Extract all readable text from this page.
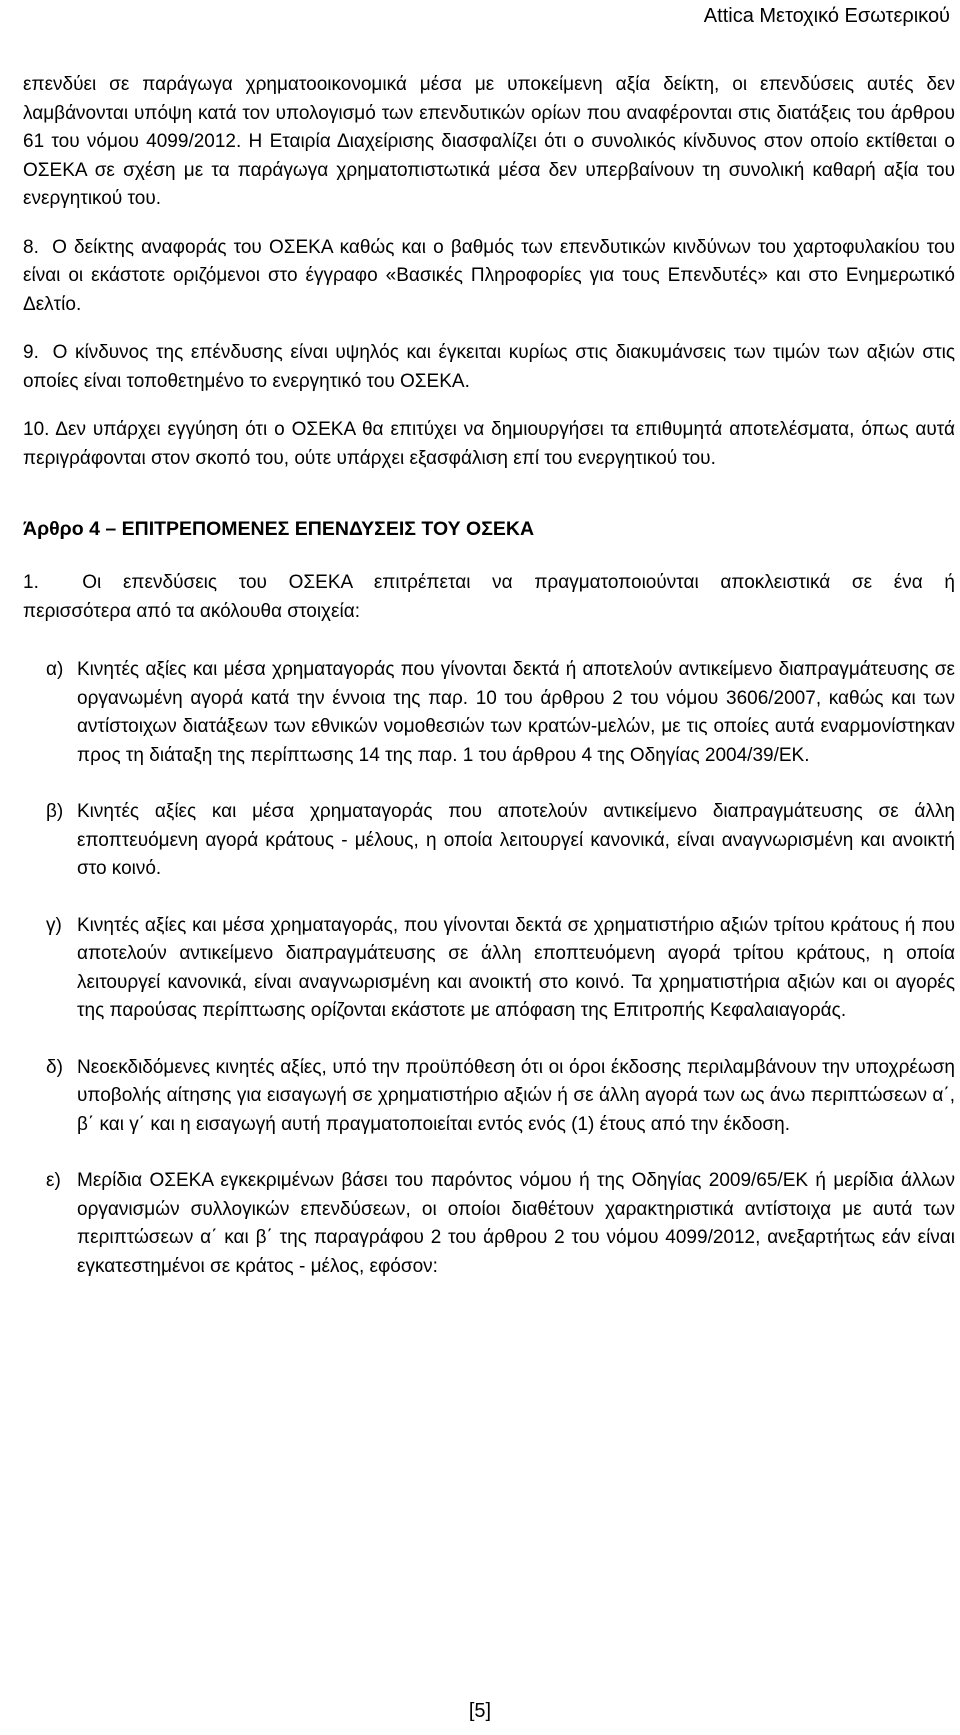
Attica Μετοχικό Εσωτερικού

επενδύει σε παράγωγα χρηματοοικονομικά μέσα με υποκείμενη αξία δείκτη, οι επενδύσεις αυτές δεν λαμβάνονται υπόψη κατά τον υπολογισμό των επενδυτικών ορίων που αναφέρονται στις διατάξεις του άρθρου 61 του νόμου 4099/2012. Η Εταιρία Διαχείρισης διασφαλίζει ότι ο συνολικός κίνδυνος στον οποίο εκτίθεται ο ΟΣΕΚΑ σε σχέση με τα παράγωγα χρηματοπιστωτικά μέσα δεν υπερβαίνουν τη συνολική καθαρή αξία του ενεργητικού του.

8. Ο δείκτης αναφοράς του ΟΣΕΚΑ καθώς και ο βαθμός των επενδυτικών κινδύνων του χαρτοφυλακίου του είναι οι εκάστοτε οριζόμενοι στο έγγραφο «Βασικές Πληροφορίες για τους Επενδυτές» και στο Ενημερωτικό Δελτίο.

9. Ο κίνδυνος της επένδυσης είναι υψηλός και έγκειται κυρίως στις διακυμάνσεις των τιμών των αξιών στις οποίες είναι τοποθετημένο το ενεργητικό του ΟΣΕΚΑ.

10. Δεν υπάρχει εγγύηση ότι ο ΟΣΕΚΑ θα επιτύχει να δημιουργήσει τα επιθυμητά αποτελέσματα, όπως αυτά περιγράφονται στον σκοπό του, ούτε υπάρχει εξασφάλιση επί του ενεργητικού του.

Άρθρο 4 – ΕΠΙΤΡΕΠΟΜΕΝΕΣ ΕΠΕΝΔΥΣΕΙΣ ΤΟΥ ΟΣΕΚΑ

1. Οι επενδύσεις του ΟΣΕΚΑ επιτρέπεται να πραγματοποιούνται αποκλειστικά σε ένα ή
περισσότερα από τα ακόλουθα στοιχεία:

α) Κινητές αξίες και μέσα χρηματαγοράς που γίνονται δεκτά ή αποτελούν αντικείμενο διαπραγμάτευσης σε οργανωμένη αγορά κατά την έννοια της παρ. 10 του άρθρου 2 του νόμου 3606/2007, καθώς και των αντίστοιχων διατάξεων των εθνικών νομοθεσιών των κρατών-μελών, με τις οποίες αυτά εναρμονίστηκαν προς τη διάταξη της περίπτωσης 14 της παρ. 1 του άρθρου 4 της Οδηγίας 2004/39/ΕΚ.

β) Κινητές αξίες και μέσα χρηματαγοράς που αποτελούν αντικείμενο διαπραγμάτευσης σε άλλη εποπτευόμενη αγορά κράτους - μέλους, η οποία λειτουργεί κανονικά, είναι αναγνωρισμένη και ανοικτή στο κοινό.

γ) Κινητές αξίες και μέσα χρηματαγοράς, που γίνονται δεκτά σε χρηματιστήριο αξιών τρίτου κράτους ή που αποτελούν αντικείμενο διαπραγμάτευσης σε άλλη εποπτευόμενη αγορά τρίτου κράτους, η οποία λειτουργεί κανονικά, είναι αναγνωρισμένη και ανοικτή στο κοινό. Τα χρηματιστήρια αξιών και οι αγορές της παρούσας περίπτωσης ορίζονται εκάστοτε με απόφαση της Επιτροπής Κεφαλαιαγοράς.

δ) Νεοεκδιδόμενες κινητές αξίες, υπό την προϋπόθεση ότι οι όροι έκδοσης περιλαμβάνουν την υποχρέωση υποβολής αίτησης για εισαγωγή σε χρηματιστήριο αξιών ή σε άλλη αγορά των ως άνω περιπτώσεων α΄, β΄ και γ΄ και η εισαγωγή αυτή πραγματοποιείται εντός ενός (1) έτους από την έκδοση.

ε) Μερίδια ΟΣΕΚΑ εγκεκριμένων βάσει του παρόντος νόμου ή της Οδηγίας 2009/65/ΕΚ ή μερίδια άλλων οργανισμών συλλογικών επενδύσεων, οι οποίοι διαθέτουν χαρακτηριστικά αντίστοιχα με αυτά των περιπτώσεων α΄ και β΄ της παραγράφου 2 του άρθρου 2 του νόμου 4099/2012, ανεξαρτήτως εάν είναι εγκατεστημένοι σε κράτος - μέλος, εφόσον:

[5]
